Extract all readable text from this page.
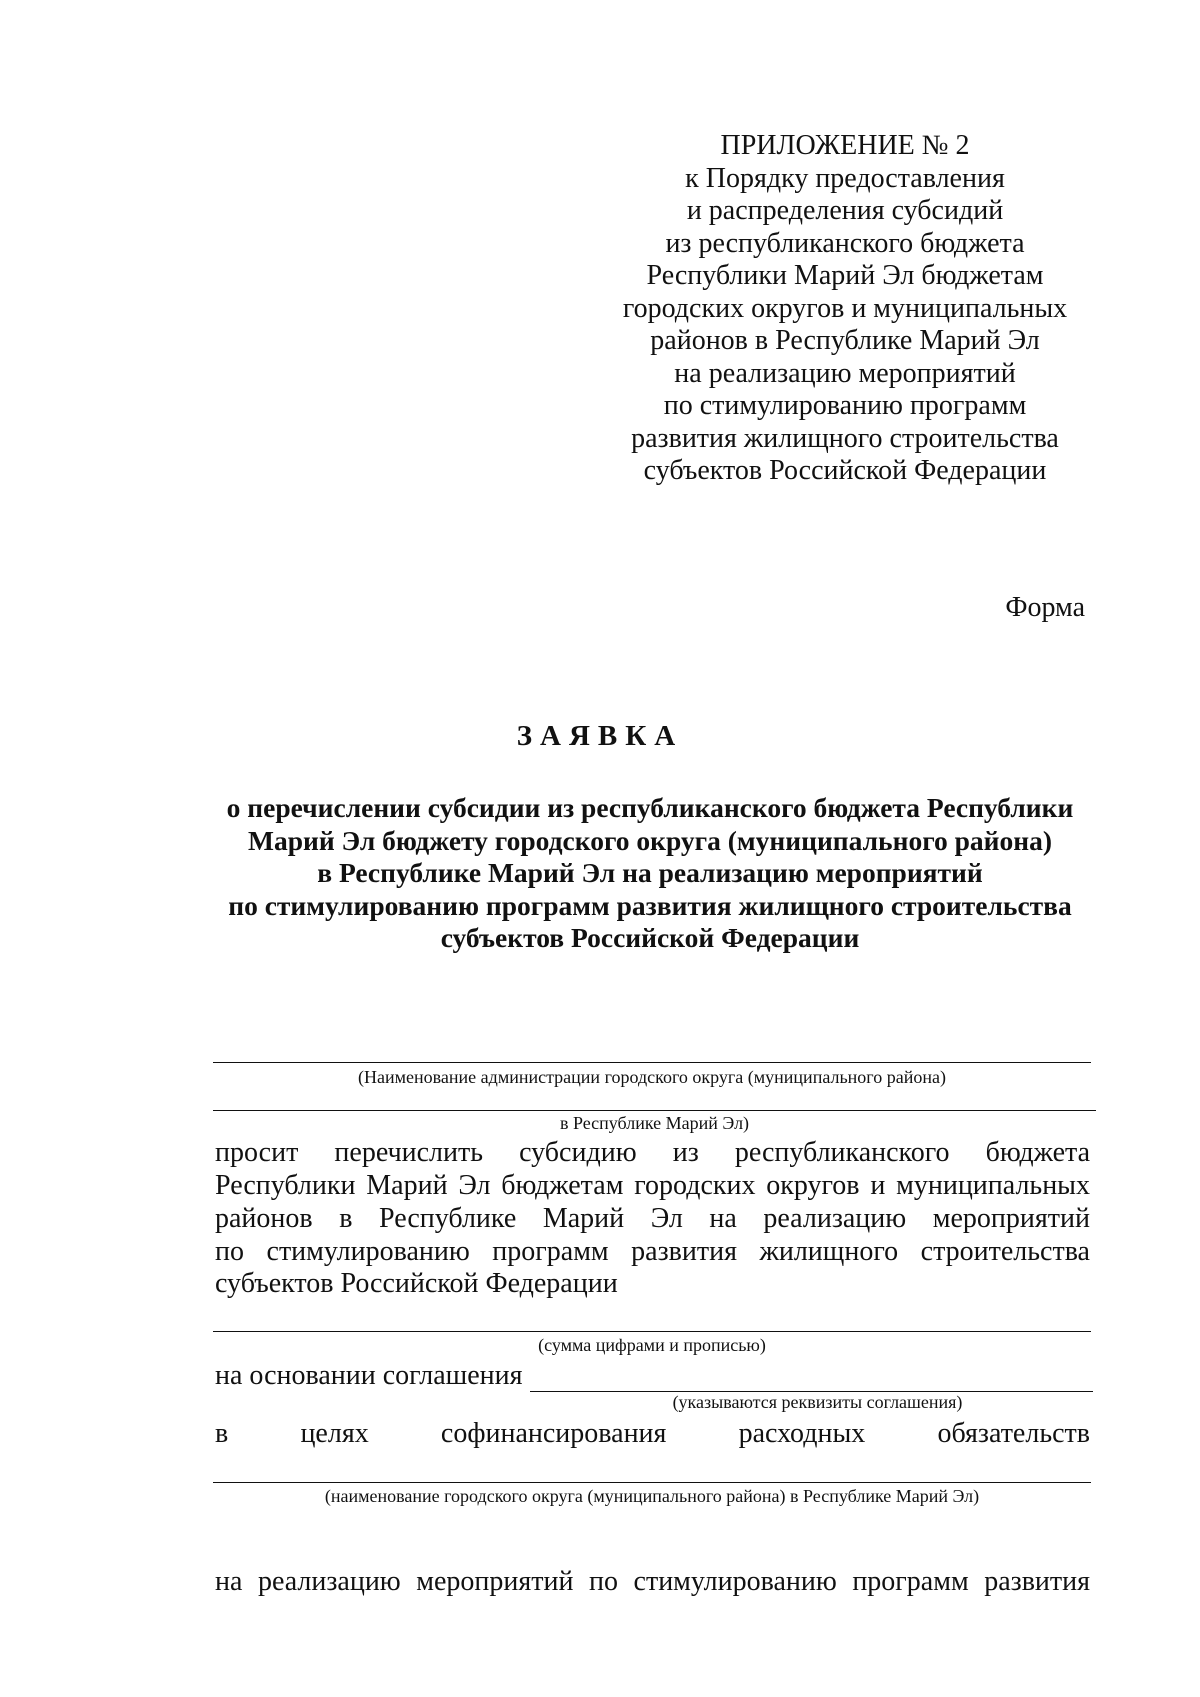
ПРИЛОЖЕНИЕ № 2
к Порядку предоставления
и распределения субсидий
из республиканского бюджета
Республики Марий Эл бюджетам
городских округов и муниципальных
районов в Республике Марий Эл
на реализацию мероприятий
по стимулированию программ
развития жилищного строительства
субъектов Российской Федерации
Форма
ЗАЯВКА
о перечислении субсидии из республиканского бюджета Республики
Марий Эл бюджету городского округа (муниципального района)
в Республике Марий Эл на реализацию мероприятий
по стимулированию программ развития жилищного строительства
субъектов Российской Федерации
(Наименование администрации городского округа (муниципального района)
в Республике Марий Эл)
просит перечислить субсидию из республиканского бюджета
Республики Марий Эл бюджетам городских округов и муниципальных
районов в Республике Марий Эл на реализацию мероприятий
по стимулированию программ развития жилищного строительства
субъектов Российской Федерации
(сумма цифрами и прописью)
на основании соглашения
(указываются реквизиты соглашения)
в целях софинансирования расходных обязательств
(наименование городского округа (муниципального района) в Республике Марий Эл)
на реализацию мероприятий по стимулированию программ развития
